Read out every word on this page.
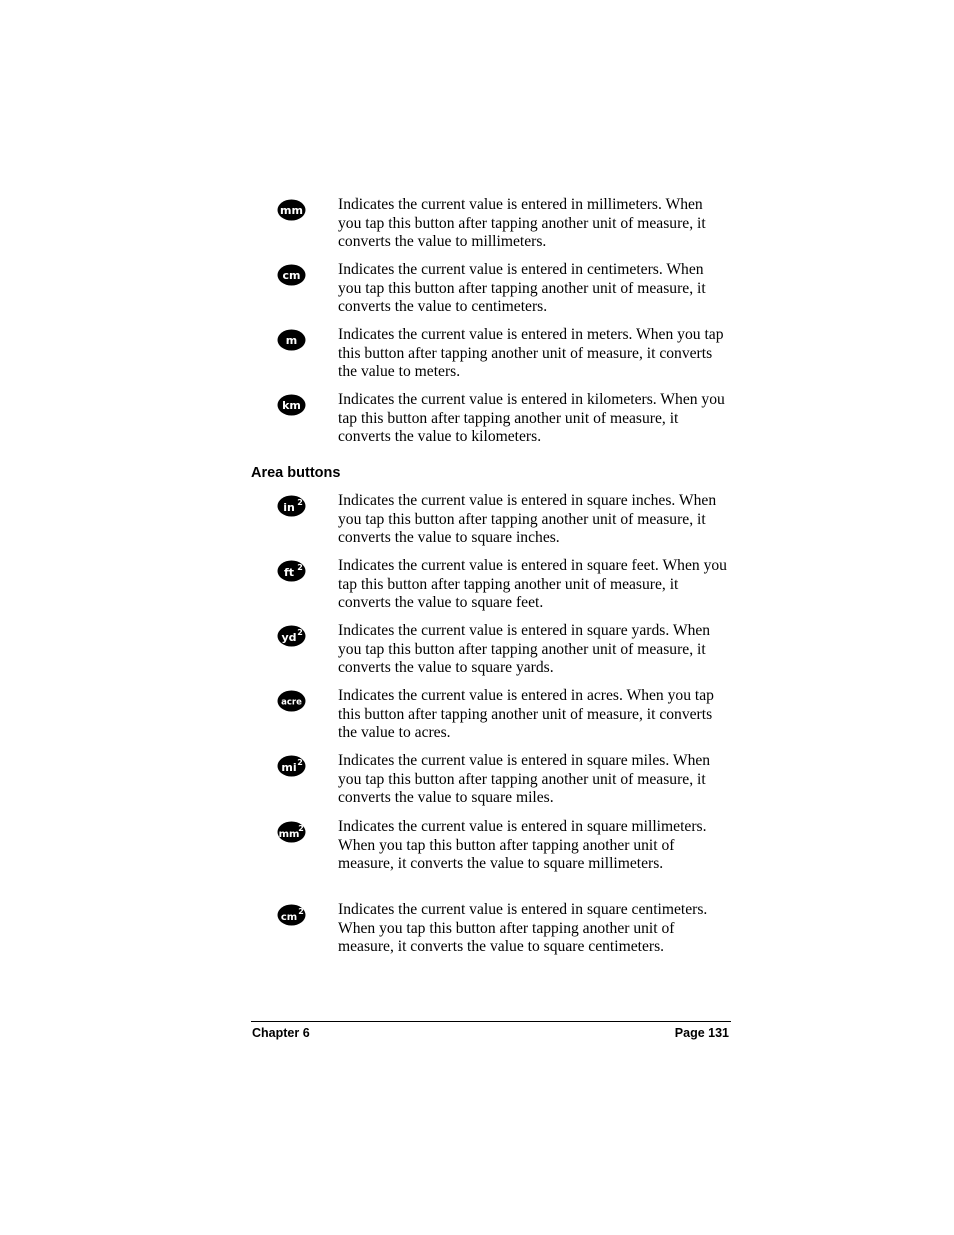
mm Indicates the current value is entered in millimeters. When you tap this button after tapping another unit of measure, it converts the value to millimeters.

cm Indicates the current value is entered in centimeters. When you tap this button after tapping another unit of measure, it converts the value to centimeters.

m	Indicates the current value is entered in meters. When you tap this button after tapping another unit of measure, it converts the value to meters.

km Indicates the current value is entered in kilometers. When you tap this button after tapping another unit of measure, it converts the value to kilometers.

Area buttons
in 2 Indicates the current value is entered in square inches. When you tap this button after tapping another unit of measure, it converts the value to square inches.

ft 2 Indicates the current value is entered in square feet. When you tap this button after tapping another unit of measure, it converts the value to square feet.

yd 2 Indicates the current value is entered in square yards. When you tap this button after tapping another unit of measure, it converts the value to square yards.

acre Indicates the current value is entered in acres. When you tap this button after tapping another unit of measure, it converts the value to acres.

mi 2 Indicates the current value is entered in square miles. When you tap this button after tapping another unit of measure, it converts the value to square miles.

mm
2 Indicates the current value is entered in square millimeters. When you tap this button after tapping another unit of measure, it converts the value to square millimeters.

cm
2 Indicates the current value is entered in square centimeters. When you tap this button after tapping another unit of measure, it converts the value to square centimeters.

Chapter 6	Page 131
